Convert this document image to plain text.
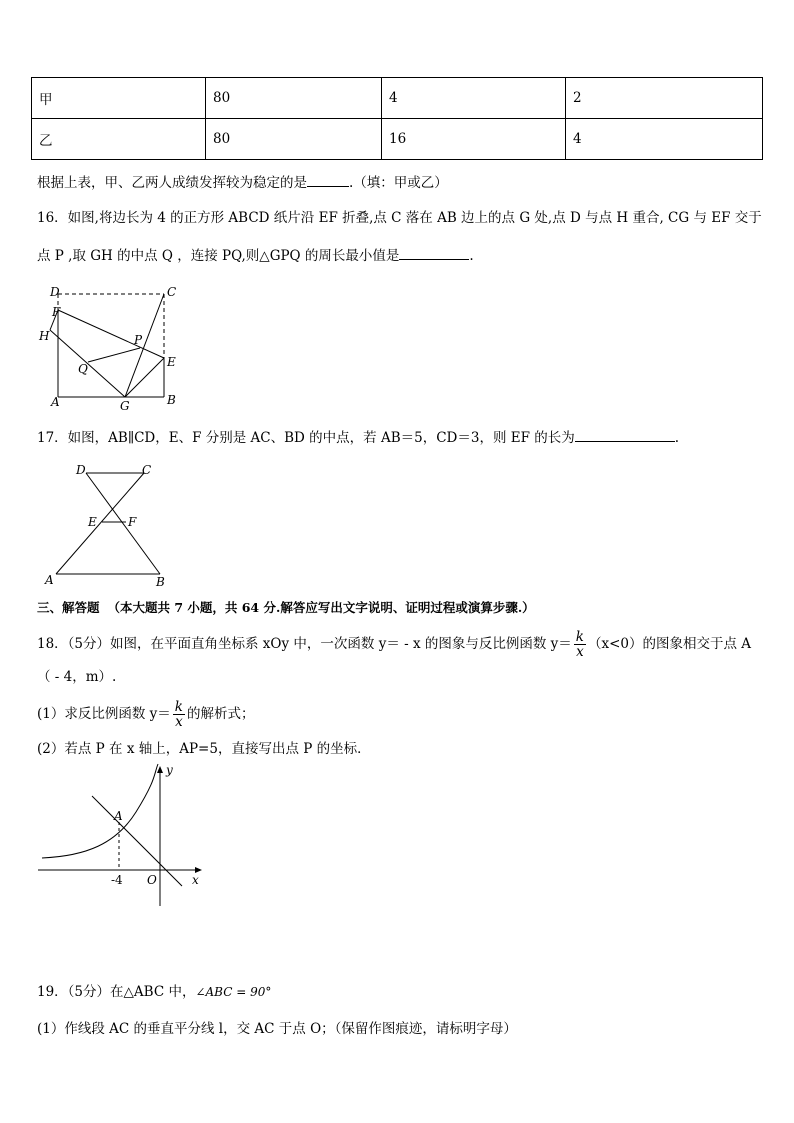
甲	80	4	2
乙	80	16	4
根据上表，甲、乙两人成绩发挥较为稳定的是	.（填：甲或乙）
16．如图,将边长为 4 的正方形 ABCD 纸片沿 EF 折叠,点 C 落在 AB 边上的点 G 处,点 D 与点 H 重合, CG 与 EF 交于
点 P ,取 GH 的中点 Q ，连接 PQ,则△GPQ 的周长最小值是	.
D	C
F
H	P
Q	E
A	G	B
17．如图，AB∥CD，E、F 分别是 AC、BD 的中点，若 AB＝5，CD＝3，则 EF 的长为	.
D	C
E	F
A	B
三、解答题 （本大题共 7 小题，共 64 分.解答应写出文字说明、证明过程或演算步骤.）
18．（5分）如图，在平面直角坐标系 xOy 中，一次函数 y＝ - x 的图象与反比例函数 $y= \frac{k}{x} (x<0)$的图象相交于点 A
（ - 4，m）.
(1）求反比例函数 $y= \frac{k}{x}$ 的解析式；
(2）若点 P 在 x 轴上，AP=5，直接写出点 P 的坐标．
y
x
A
O
-4
19．（5分）在△ABC 中，∠ABC = 90°
(1）作线段 AC 的垂直平分线 l，交 AC 于点 O；（保留作图痕迹，请标明字母）
